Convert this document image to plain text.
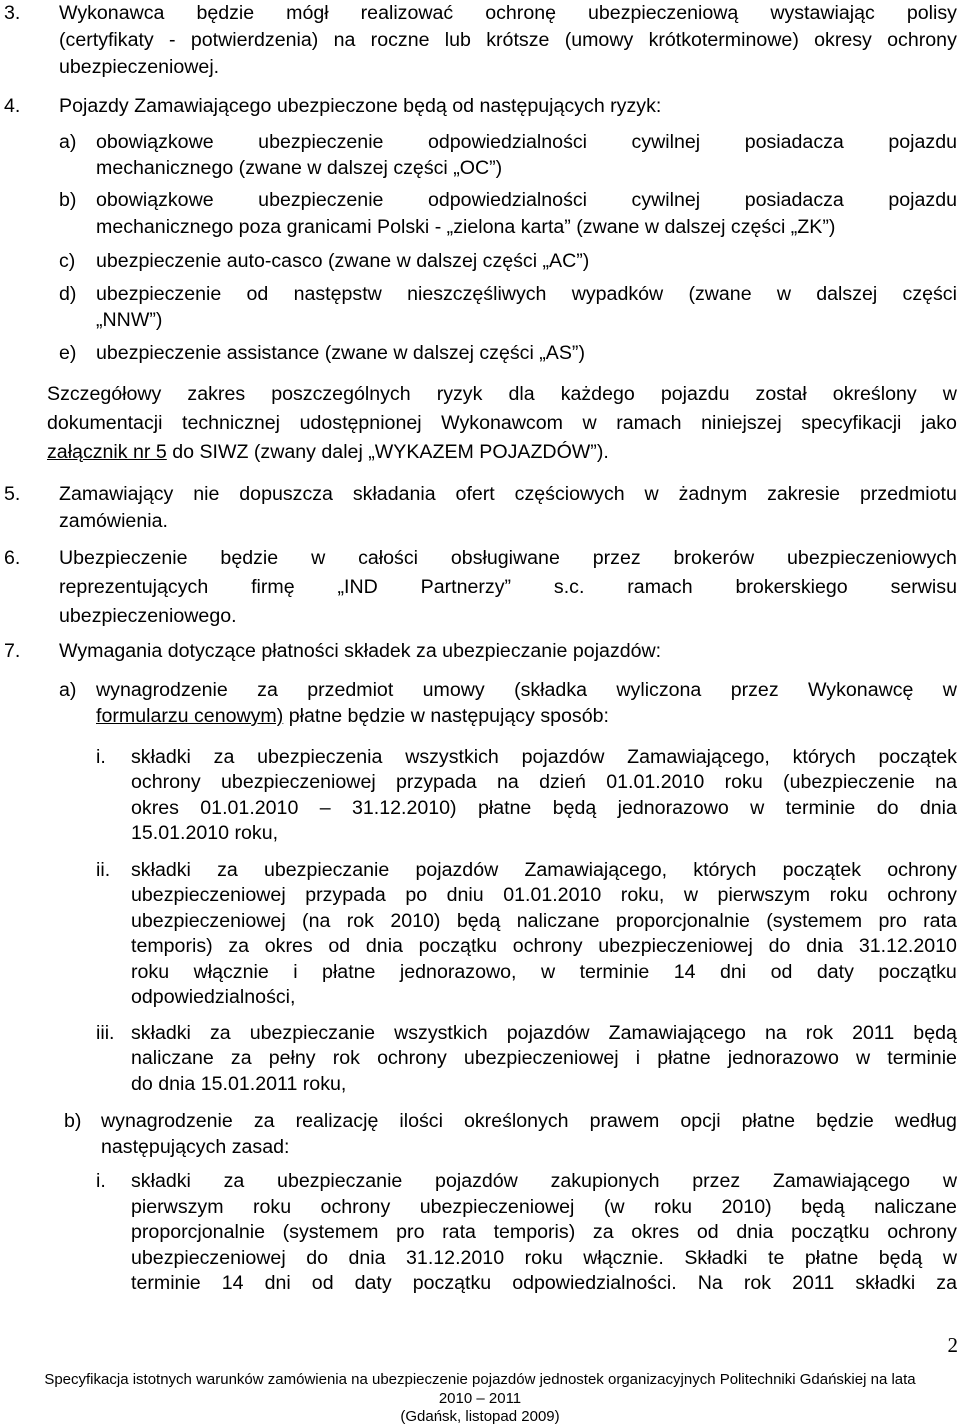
3. Wykonawca będzie mógł realizować ochronę ubezpieczeniową wystawiając polisy
(certyfikaty - potwierdzenia) na roczne lub krótsze (umowy krótkoterminowe) okresy ochrony
ubezpieczeniowej.
4. Pojazdy Zamawiającego ubezpieczone będą od następujących ryzyk:
a) obowiązkowe ubezpieczenie odpowiedzialności cywilnej posiadacza pojazdu
mechanicznego (zwane w dalszej części „OC”)
b) obowiązkowe ubezpieczenie odpowiedzialności cywilnej posiadacza pojazdu
mechanicznego poza granicami Polski - „zielona karta” (zwane w dalszej części „ZK”)
c) ubezpieczenie auto-casco (zwane w dalszej części „AC”)
d) ubezpieczenie od następstw nieszczęśliwych wypadków (zwane w dalszej części
„NNW”)
e) ubezpieczenie assistance (zwane w dalszej części „AS”)
Szczegółowy zakres poszczególnych ryzyk dla każdego pojazdu został określony w
dokumentacji technicznej udostępnionej Wykonawcom w ramach niniejszej specyfikacji jako
załącznik nr 5 do SIWZ (zwany dalej „WYKAZEM POJAZDÓW”).
5. Zamawiający nie dopuszcza składania ofert częściowych w żadnym zakresie przedmiotu
zamówienia.
6. Ubezpieczenie będzie w całości obsługiwane przez brokerów ubezpieczeniowych
reprezentujących firmę „IND Partnerzy” s.c. ramach brokerskiego serwisu
ubezpieczeniowego.
7. Wymagania dotyczące płatności składek za ubezpieczanie pojazdów:
a) wynagrodzenie za przedmiot umowy (składka wyliczona przez Wykonawcę w
formularzu cenowym) płatne będzie w następujący sposób:
i. składki za ubezpieczenia wszystkich pojazdów Zamawiającego, których początek
ochrony ubezpieczeniowej przypada na dzień 01.01.2010 roku (ubezpieczenie na
okres 01.01.2010 – 31.12.2010) płatne będą jednorazowo w terminie do dnia
15.01.2010 roku,
ii. składki za ubezpieczanie pojazdów Zamawiającego, których początek ochrony
ubezpieczeniowej przypada po dniu 01.01.2010 roku, w pierwszym roku ochrony
ubezpieczeniowej (na rok 2010) będą naliczane proporcjonalnie (systemem pro rata
temporis) za okres od dnia początku ochrony ubezpieczeniowej do dnia 31.12.2010
roku włącznie i płatne jednorazowo, w terminie 14 dni od daty początku
odpowiedzialności,
iii. składki za ubezpieczanie wszystkich pojazdów Zamawiającego na rok 2011 będą
naliczane za pełny rok ochrony ubezpieczeniowej i płatne jednorazowo w terminie
do dnia 15.01.2011 roku,
b) wynagrodzenie za realizację ilości określonych prawem opcji płatne będzie według
następujących zasad:
i. składki za ubezpieczanie pojazdów zakupionych przez Zamawiającego w
pierwszym roku ochrony ubezpieczeniowej (w roku 2010) będą naliczane
proporcjonalnie (systemem pro rata temporis) za okres od dnia początku ochrony
ubezpieczeniowej do dnia 31.12.2010 roku włącznie. Składki te płatne będą w
terminie 14 dni od daty początku odpowiedzialności. Na rok 2011 składki za
2
Specyfikacja istotnych warunków zamówienia na ubezpieczenie pojazdów jednostek organizacyjnych Politechniki Gdańskiej na lata
2010 – 2011
(Gdańsk, listopad 2009)
